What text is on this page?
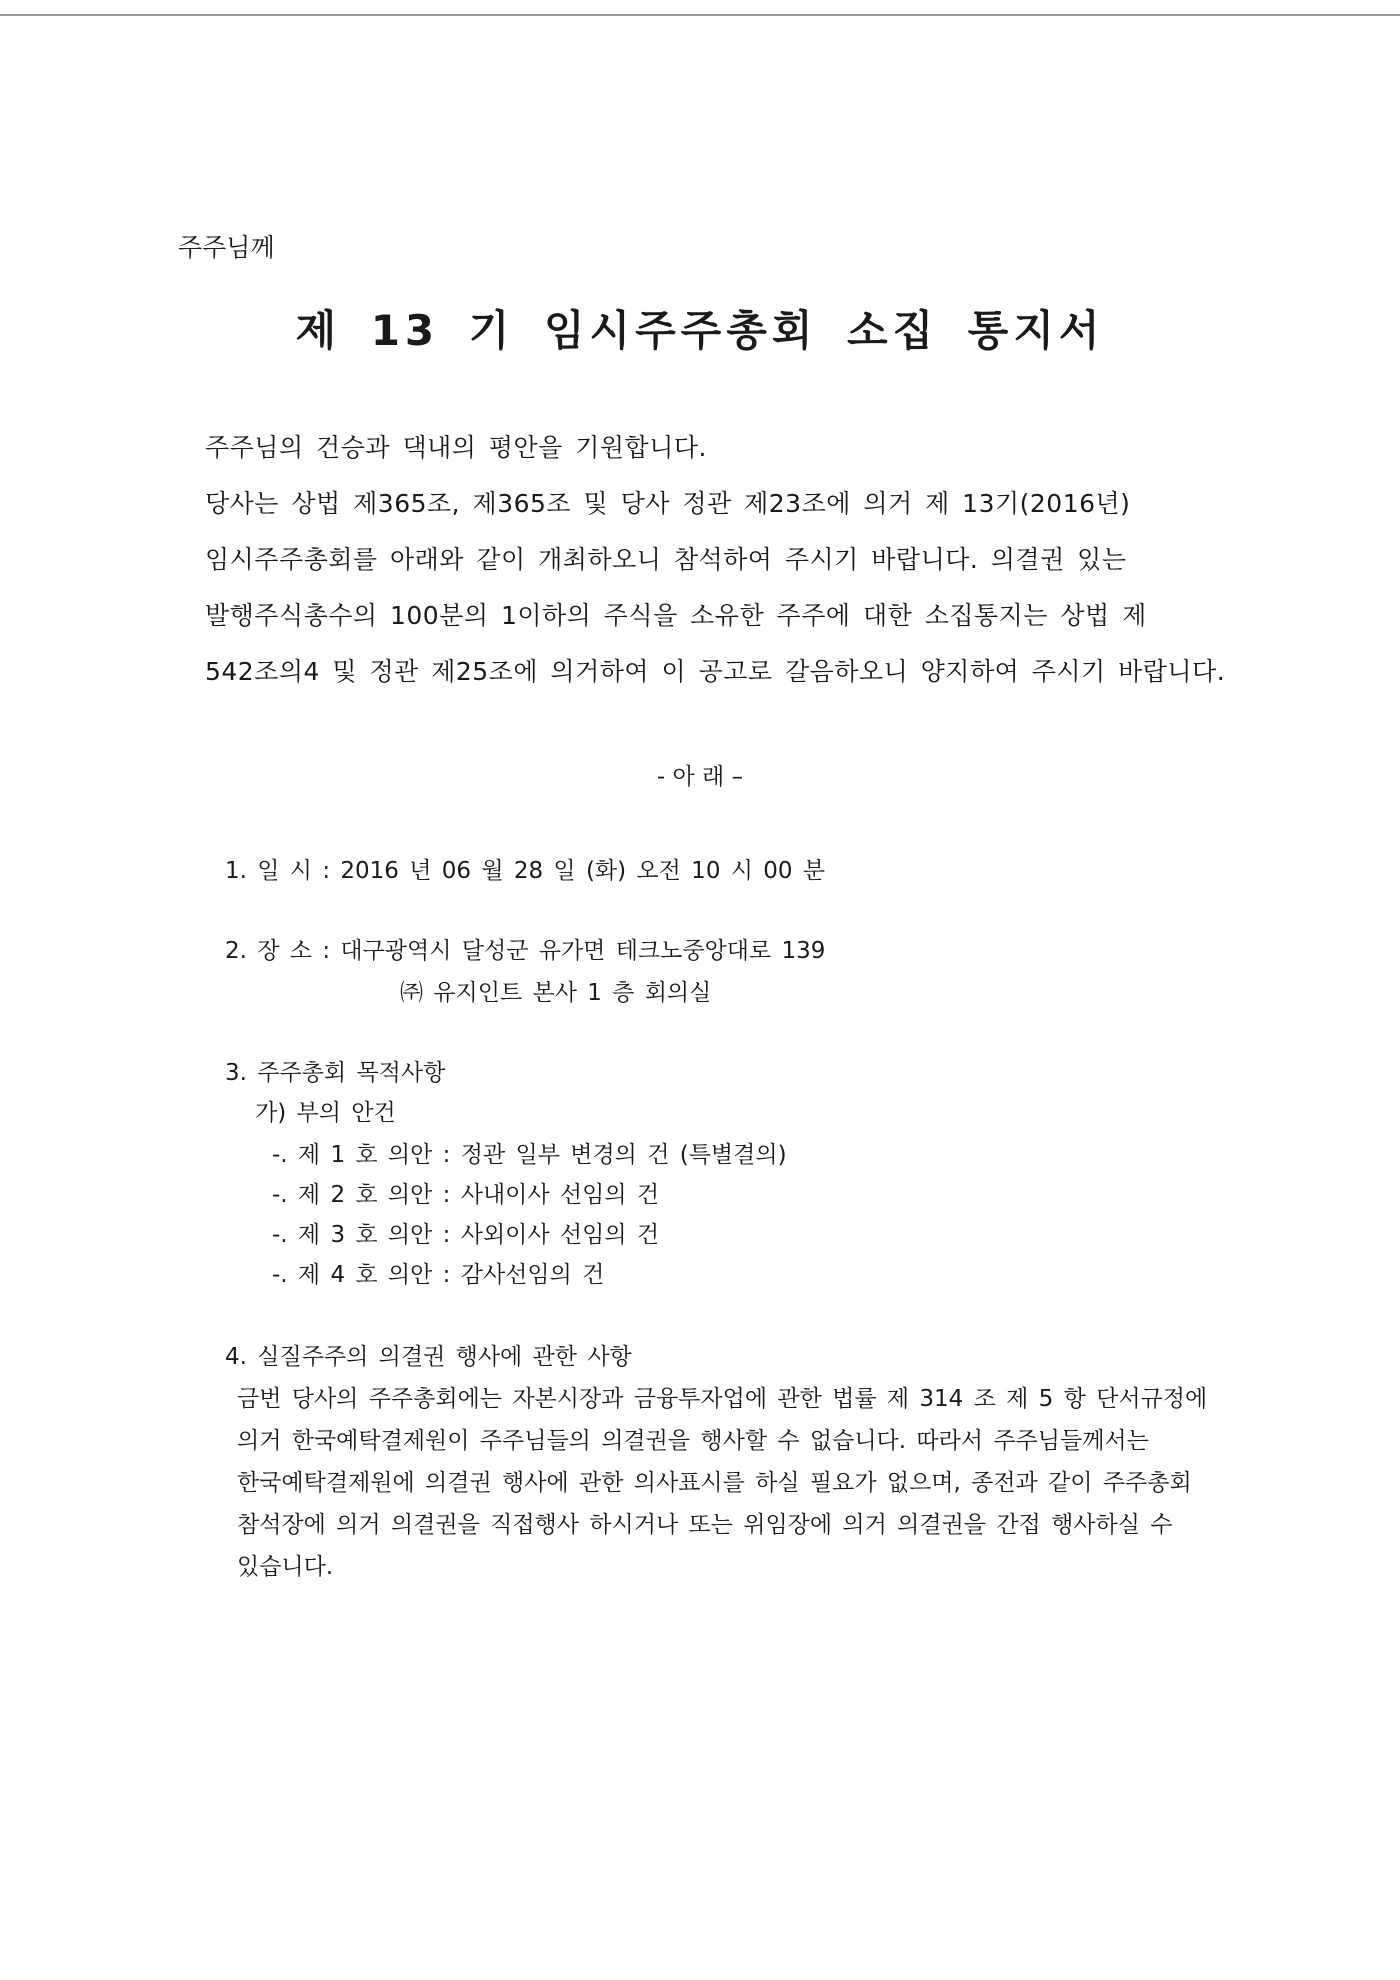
주주님께
제 13 기 임시주주총회 소집 통지서
주주님의 건승과 댁내의 평안을 기원합니다.
당사는 상법 제365조, 제365조 및 당사 정관 제23조에 의거 제 13기(2016년)
임시주주총회를 아래와 같이 개최하오니 참석하여 주시기 바랍니다. 의결권 있는
발행주식총수의 100분의 1이하의 주식을 소유한 주주에 대한 소집통지는 상법 제
542조의4 및 정관 제25조에 의거하여 이 공고로 갈음하오니 양지하여 주시기 바랍니다.
- 아 래 –
1. 일 시 : 2016 년 06 월 28 일 (화) 오전 10 시 00 분
2. 장 소 : 대구광역시 달성군 유가면 테크노중앙대로 139
㈜ 유지인트 본사 1 층 회의실
3. 주주총회 목적사항
가) 부의 안건
-. 제 1 호 의안 : 정관 일부 변경의 건 (특별결의)
-. 제 2 호 의안 : 사내이사 선임의 건
-. 제 3 호 의안 : 사외이사 선임의 건
-. 제 4 호 의안 : 감사선임의 건
4. 실질주주의 의결권 행사에 관한 사항
금번 당사의 주주총회에는 자본시장과 금융투자업에 관한 법률 제 314 조 제 5 항 단서규정에
의거 한국예탁결제원이 주주님들의 의결권을 행사할 수 없습니다. 따라서 주주님들께서는
한국예탁결제원에 의결권 행사에 관한 의사표시를 하실 필요가 없으며, 종전과 같이 주주총회
참석장에 의거 의결권을 직접행사 하시거나 또는 위임장에 의거 의결권을 간접 행사하실 수
있습니다.
